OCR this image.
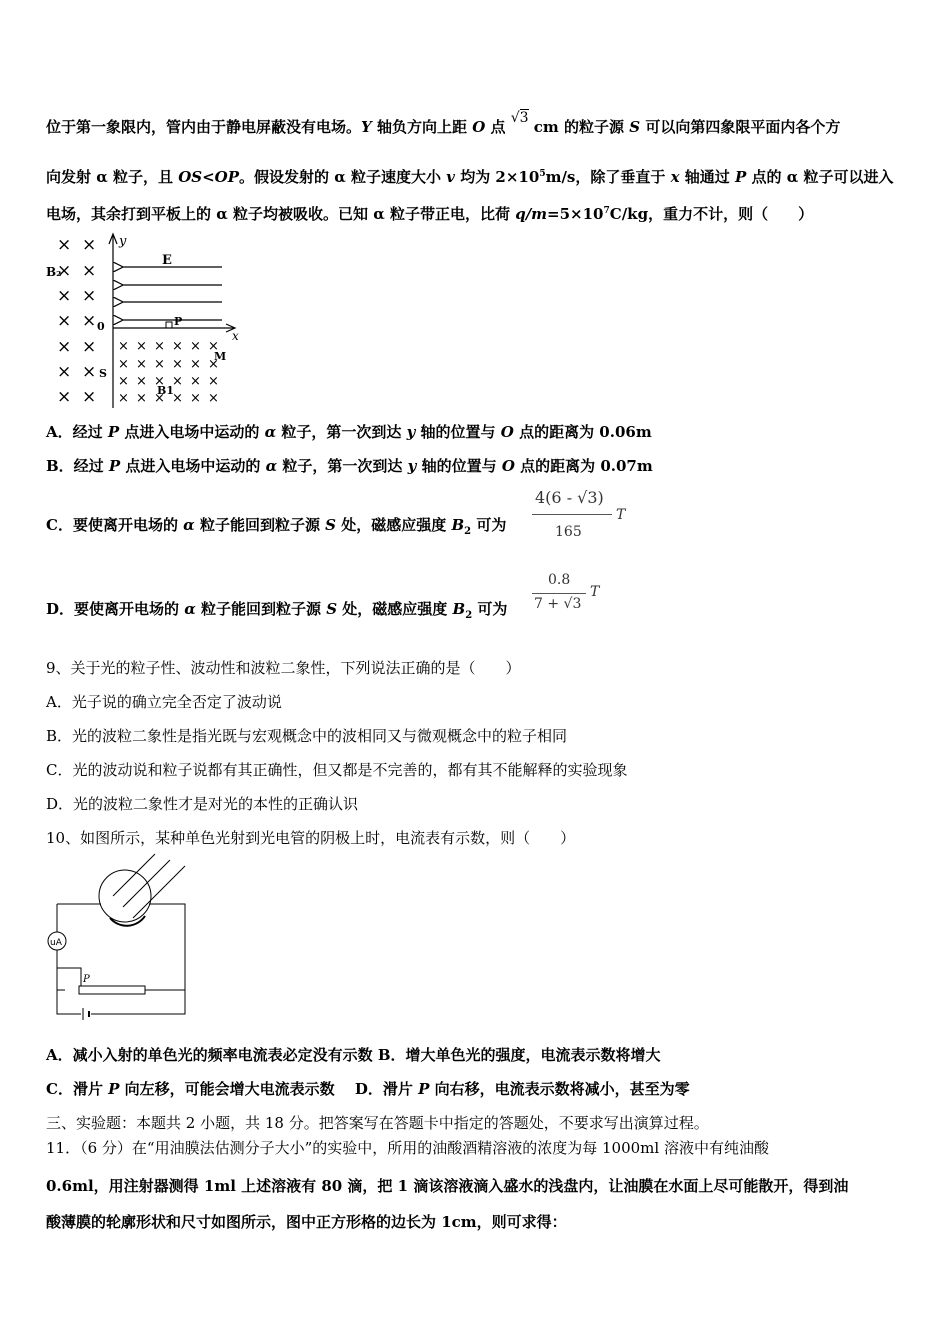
位于第一象限内，管内由于静电屏蔽没有电场。Y 轴负方向上距 O 点 √3 cm 的粒子源 S 可以向第四象限平面内各个方
向发射 α 粒子，且 OS<OP。假设发射的 α 粒子速度大小 v 均为 $2\times 10^5m/s$，除了垂直于 x 轴通过 P 点的 α 粒子可以进入
电场，其余打到平板上的 α 粒子均被吸收。已知 α 粒子带正电，比荷 $q/m=5\times 10^7C/kg$，重力不计，则（　　）
y
x
E
0	P
B₂
M
S
B1
× ×
× ×
× ×
× ×
× ×
× ×
× ×
× × × × × ×
× × × × × ×
× × × × × ×
× × × × × ×
A．经过 P 点进入电场中运动的 α 粒子，第一次到达 y 轴的位置与 O 点的距离为 0.06m
B．经过 P 点进入电场中运动的 α 粒子，第一次到达 y 轴的位置与 O 点的距离为 0.07m
C．要使离开电场的 α 粒子能回到粒子源 S 处，磁感应强度 $B_2$ 可为
4(6 - √3)
165
T
D．要使离开电场的 α 粒子能回到粒子源 S 处，磁感应强度 $B_2$ 可为
0.8
7 + √3
T
9、关于光的粒子性、波动性和波粒二象性，下列说法正确的是（　　）
A．光子说的确立完全否定了波动说
B．光的波粒二象性是指光既与宏观概念中的波相同又与微观概念中的粒子相同
C．光的波动说和粒子说都有其正确性，但又都是不完善的，都有其不能解释的实验现象
D．光的波粒二象性才是对光的本性的正确认识
10、如图所示，某种单色光射到光电管的阴极上时，电流表有示数，则（　　）
uA
P
A．减小入射的单色光的频率电流表必定没有示数 B．增大单色光的强度，电流表示数将增大
C．滑片 P 向左移，可能会增大电流表示数　 D．滑片 P 向右移，电流表示数将减小，甚至为零
三、实验题：本题共 2 小题，共 18 分。把答案写在答题卡中指定的答题处，不要求写出演算过程。
11．（6 分）在“用油膜法估测分子大小”的实验中，所用的油酸酒精溶液的浓度为每 1000ml 溶液中有纯油酸
0.6ml，用注射器测得 1ml 上述溶液有 80 滴，把 1 滴该溶液滴入盛水的浅盘内，让油膜在水面上尽可能散开，得到油
酸薄膜的轮廓形状和尺寸如图所示，图中正方形格的边长为 1cm，则可求得：
